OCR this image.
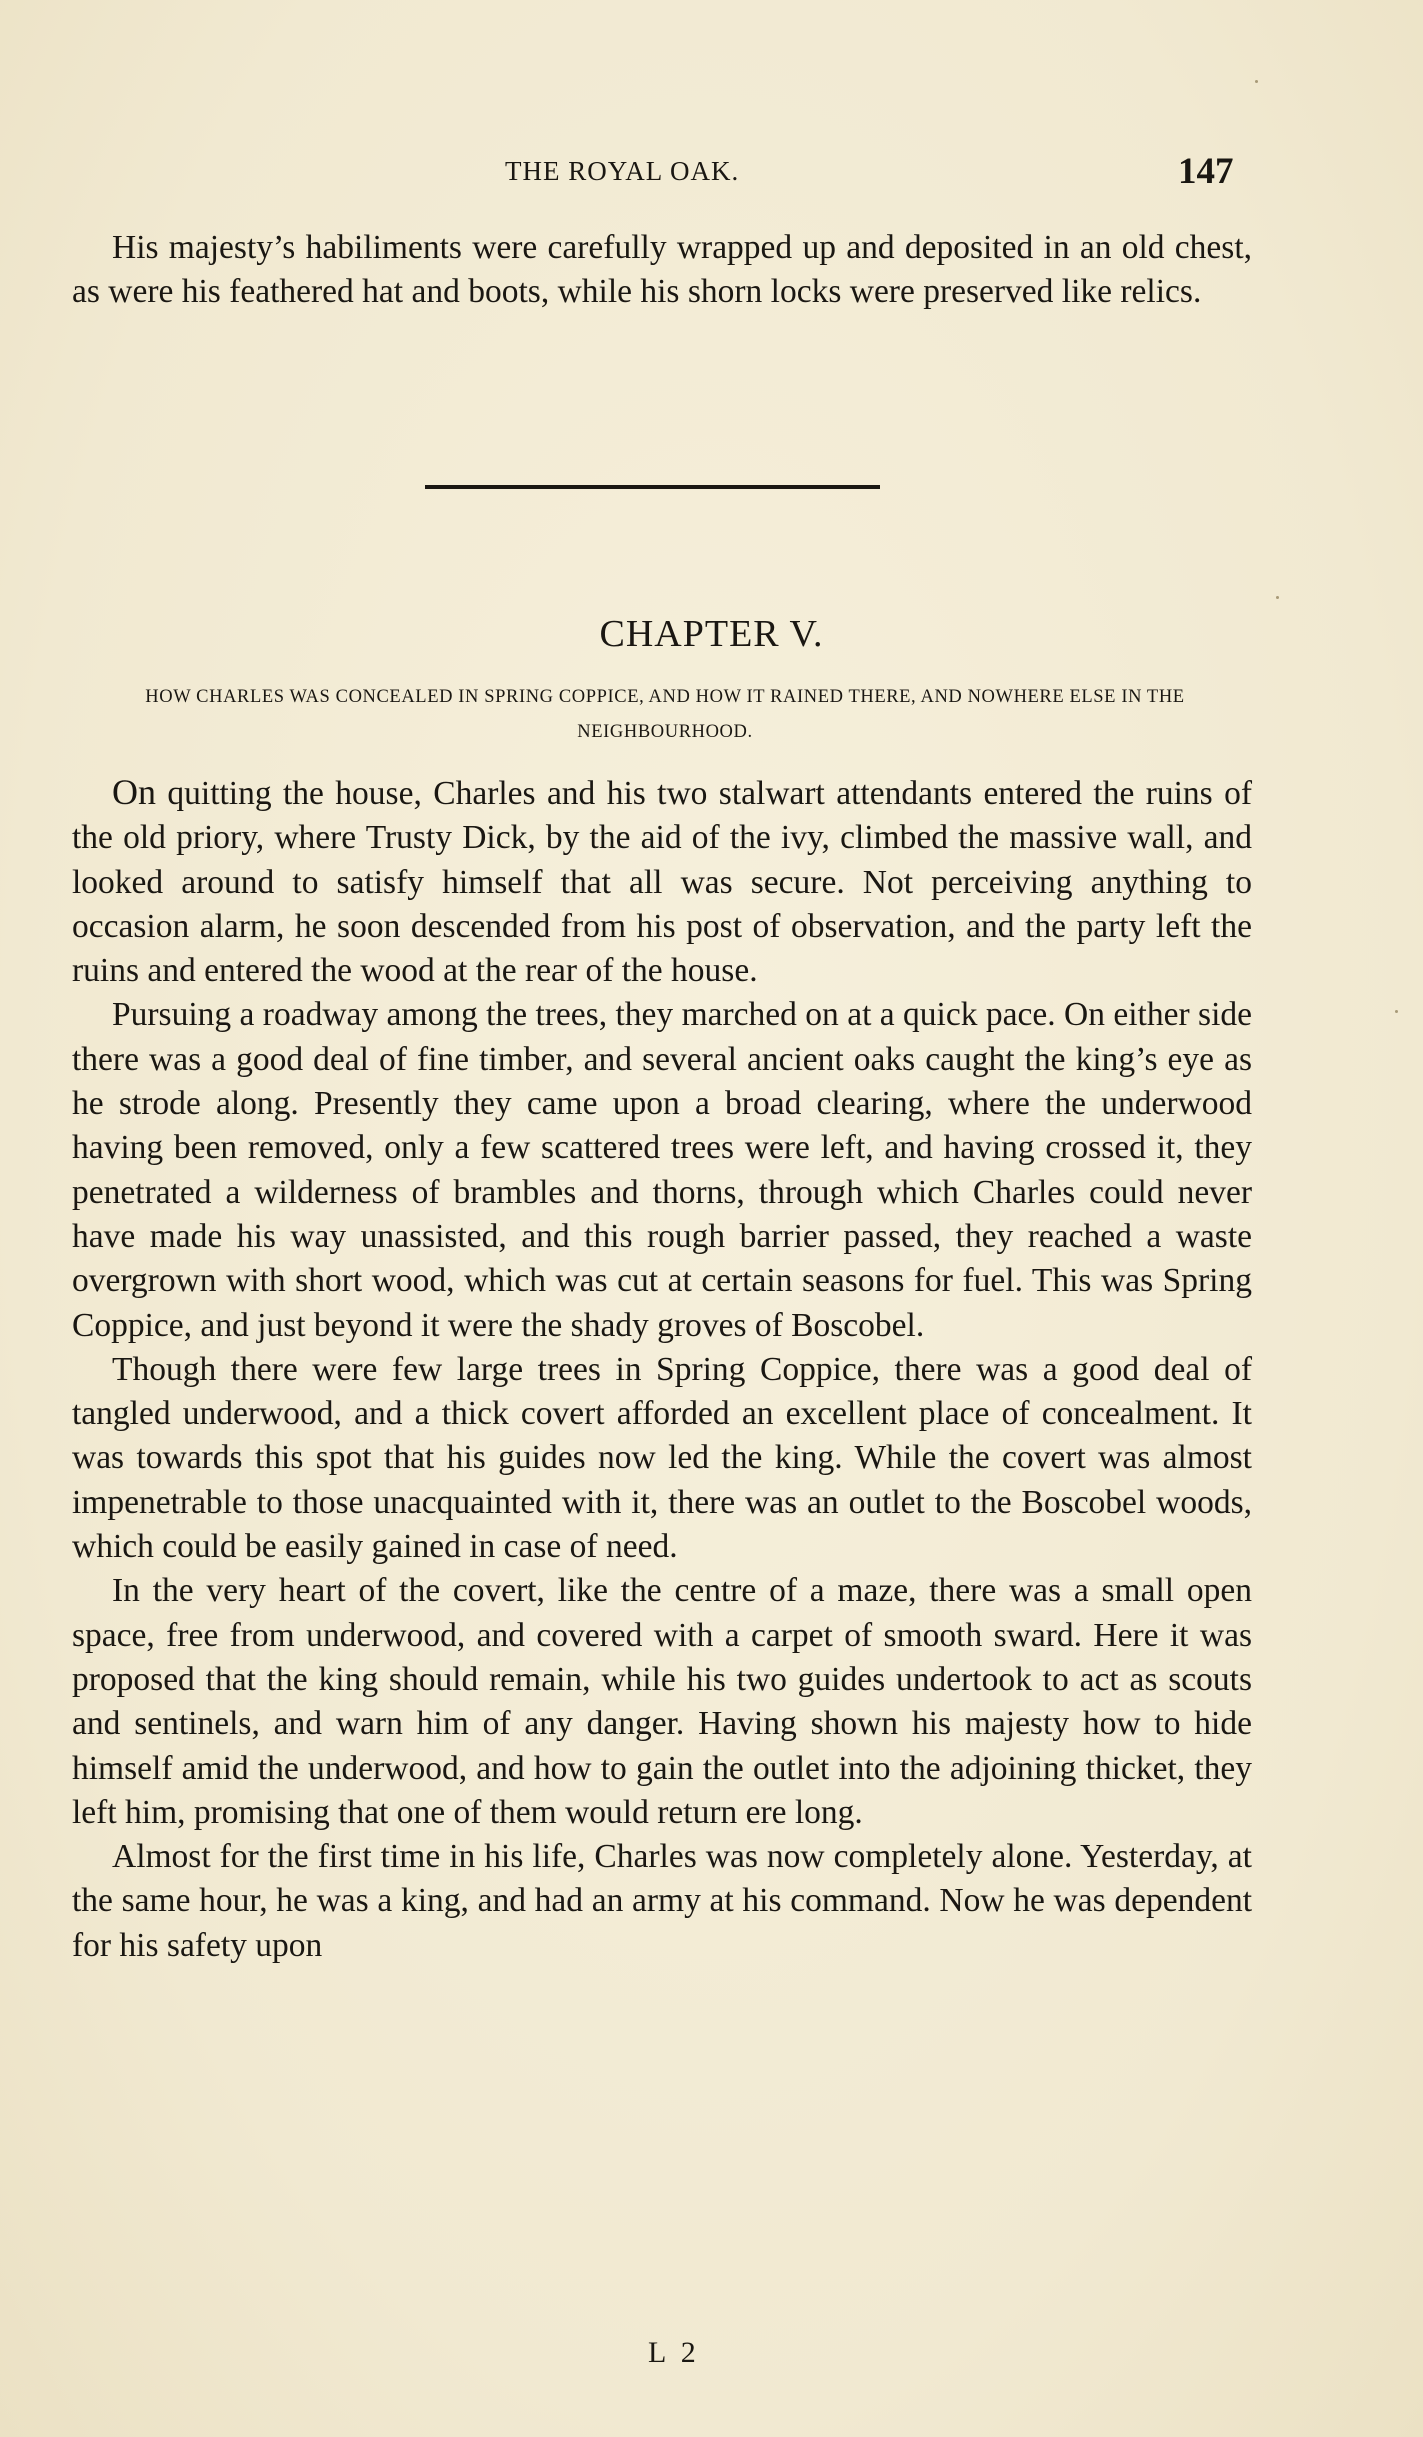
THE ROYAL OAK.	147

His majesty’s habiliments were carefully wrapped up and deposited in an old chest, as were his feathered hat and boots, while his shorn locks were preserved like relics.

CHAPTER V.
HOW CHARLES WAS CONCEALED IN SPRING COPPICE, AND HOW IT RAINED THERE, AND NOWHERE ELSE IN THE NEIGHBOURHOOD.

On quitting the house, Charles and his two stalwart attendants entered the ruins of the old priory, where Trusty Dick, by the aid of the ivy, climbed the massive wall, and looked around to satisfy himself that all was secure. Not perceiving anything to occasion alarm, he soon descended from his post of observation, and the party left the ruins and entered the wood at the rear of the house.

Pursuing a roadway among the trees, they marched on at a quick pace. On either side there was a good deal of fine timber, and several ancient oaks caught the king’s eye as he strode along. Presently they came upon a broad clearing, where the underwood having been removed, only a few scattered trees were left, and having crossed it, they penetrated a wilderness of brambles and thorns, through which Charles could never have made his way unassisted, and this rough barrier passed, they reached a waste overgrown with short wood, which was cut at certain seasons for fuel. This was Spring Coppice, and just beyond it were the shady groves of Boscobel.

Though there were few large trees in Spring Coppice, there was a good deal of tangled underwood, and a thick covert afforded an excellent place of concealment. It was towards this spot that his guides now led the king. While the covert was almost impenetrable to those unacquainted with it, there was an outlet to the Boscobel woods, which could be easily gained in case of need.

In the very heart of the covert, like the centre of a maze, there was a small open space, free from underwood, and covered with a carpet of smooth sward. Here it was proposed that the king should remain, while his two guides undertook to act as scouts and sentinels, and warn him of any danger. Having shown his majesty how to hide himself amid the underwood, and how to gain the outlet into the adjoining thicket, they left him, promising that one of them would return ere long.

Almost for the first time in his life, Charles was now completely alone. Yesterday, at the same hour, he was a king, and had an army at his command. Now he was dependent for his safety upon

L 2
